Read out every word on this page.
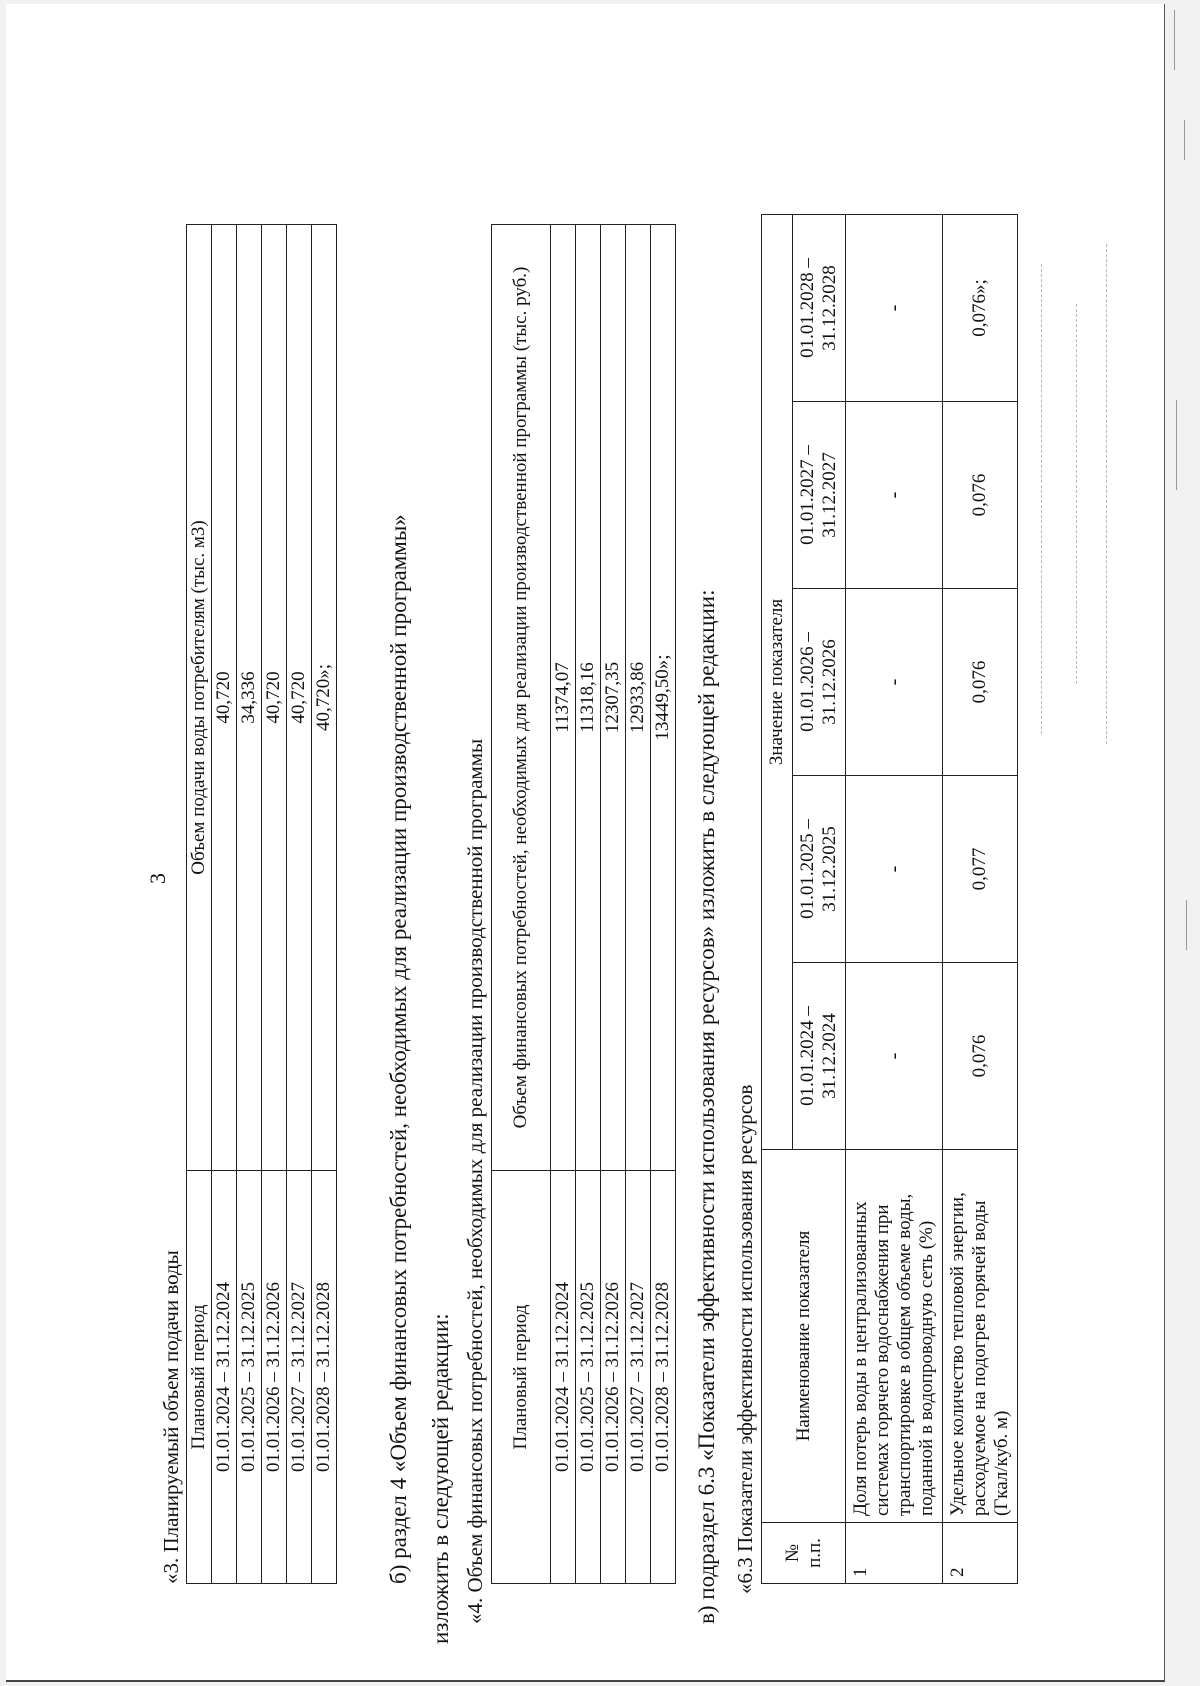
3
«3. Планируемый объем подачи воды Плановый период	Объем подачи воды потребителям (тыс. м3)
01.01.2024 – 31.12.2024	40,720
01.01.2025 – 31.12.2025	34,336
01.01.2026 – 31.12.2026	40,720
01.01.2027 – 31.12.2027	40,720
01.01.2028 – 31.12.2028	40,720»; б) раздел 4 «Объем финансовых потребностей, необходимых для реализации производственной программы» изложить в следующей редакции: «4. Объем финансовых потребностей, необходимых для реализации производственной программы Плановый период	Объем финансовых потребностей, необходимых для реализации производственной программы (тыс. руб.)
01.01.2024 – 31.12.2024	11374,07
01.01.2025 – 31.12.2025	11318,16
01.01.2026 – 31.12.2026	12307,35
01.01.2027 – 31.12.2027	12933,86
01.01.2028 – 31.12.2028	13449,50»; в) подраздел 6.3 «Показатели эффективности использования ресурсов» изложить в следующей редакции: «6.3 Показатели эффективности использования ресурсов № п.п.	Наименование показателя	Значение показателя				
		01.01.2024 – 31.12.2024	01.01.2025 – 31.12.2025	01.01.2026 – 31.12.2026	01.01.2027 – 31.12.2027	01.01.2028 – 31.12.2028
1	Доля потерь воды в централизованных системах горячего водоснабжения при транспортировке в общем объеме воды, поданной в водопроводную сеть (%)	-	-	-	-	-
2	Удельное количество тепловой энергии, расходуемое на подогрев горячей воды (Гкал/куб. м)	0,076	0,077	0,076	0,076	0,076»;
